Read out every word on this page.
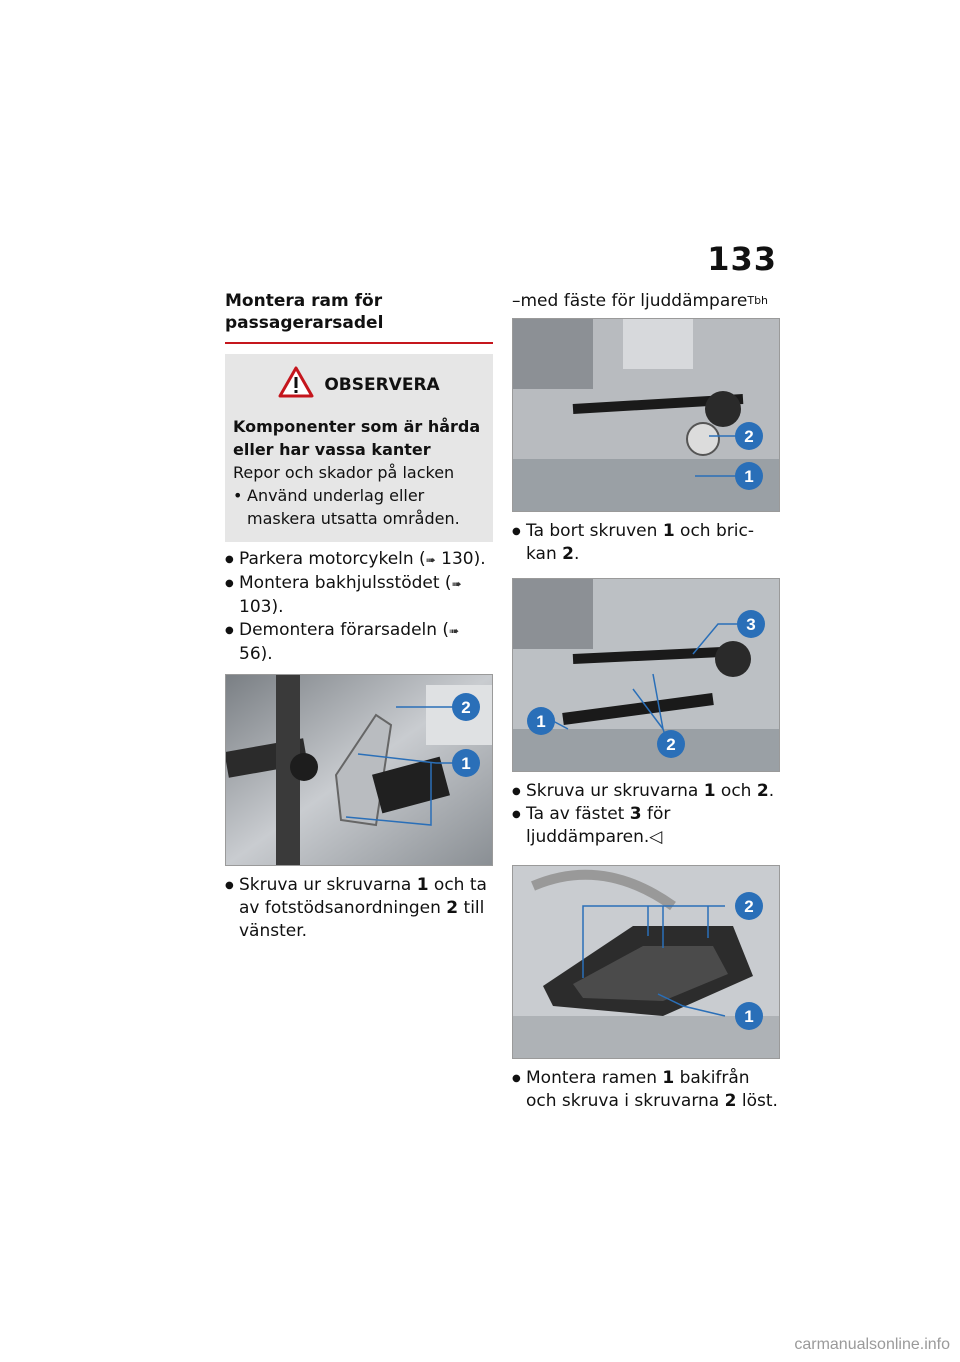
133
Montera ram för passagerarsadel
OBSERVERA
Komponenter som är hårda eller har vassa kanter
Repor och skador på lacken
• Använd underlag eller maskera utsatta områden.
● Parkera motorcykeln (➠ 130).
● Montera bakhjulsstödet (➠ 103).
● Demontera förarsadeln (➠ 56).
2
1
● Skruva ur skruvarna 1 och ta av fotstödsanordningen 2 till vänster.
–med fäste för ljuddämpare$^{Tbh}$
2
1
● Ta bort skruven 1 och bric-kan 2.
3
1
2
● Skruva ur skruvarna 1 och 2.
● Ta av fästet 3 för ljuddämparen.◁
2
1
● Montera ramen 1 bakifrån och skruva i skruvarna 2 löst.
carmanualsonline.info
